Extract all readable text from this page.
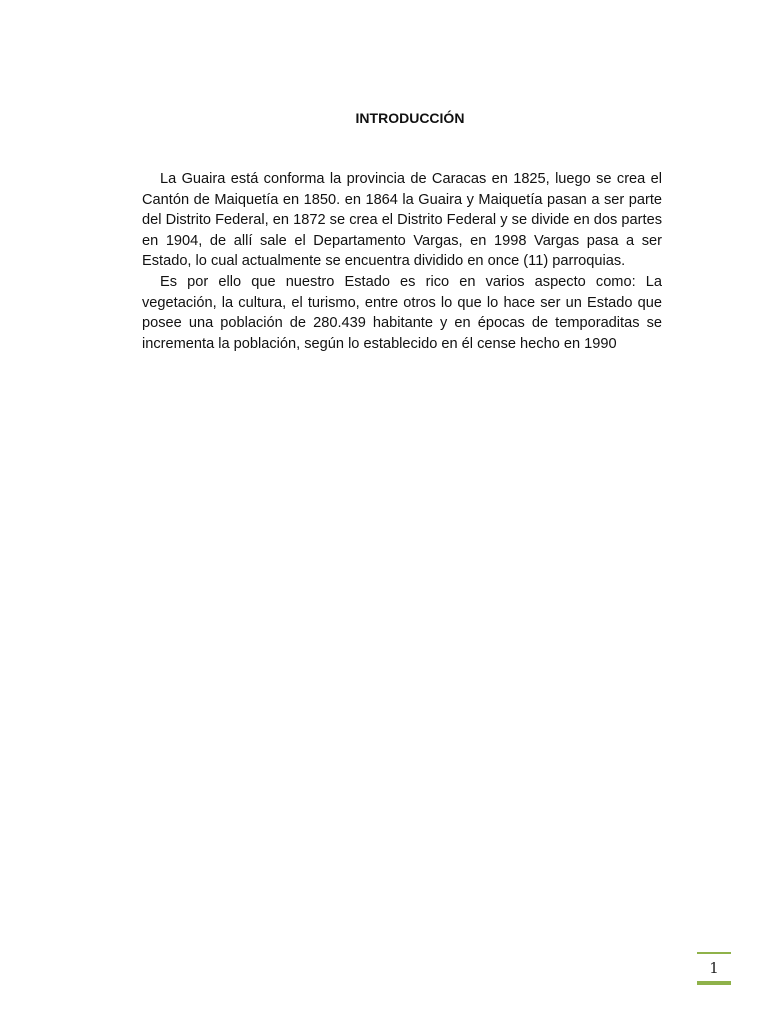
INTRODUCCIÓN

La Guaira está conforma la provincia de Caracas en 1825, luego se crea el Cantón de Maiquetía en 1850. en 1864 la Guaira y Maiquetía pasan a ser parte del Distrito Federal, en 1872 se crea el Distrito Federal y se divide en dos partes en 1904, de allí sale el Departamento Vargas, en 1998 Vargas pasa a ser Estado, lo cual actualmente se encuentra dividido en once (11) parroquias.

Es por ello que nuestro Estado es rico en varios aspecto como: La vegetación, la cultura, el turismo, entre otros lo que lo hace ser un Estado que posee una población de 280.439 habitante y en épocas de temporaditas se incrementa la población, según lo establecido en él cense hecho en 1990

1
